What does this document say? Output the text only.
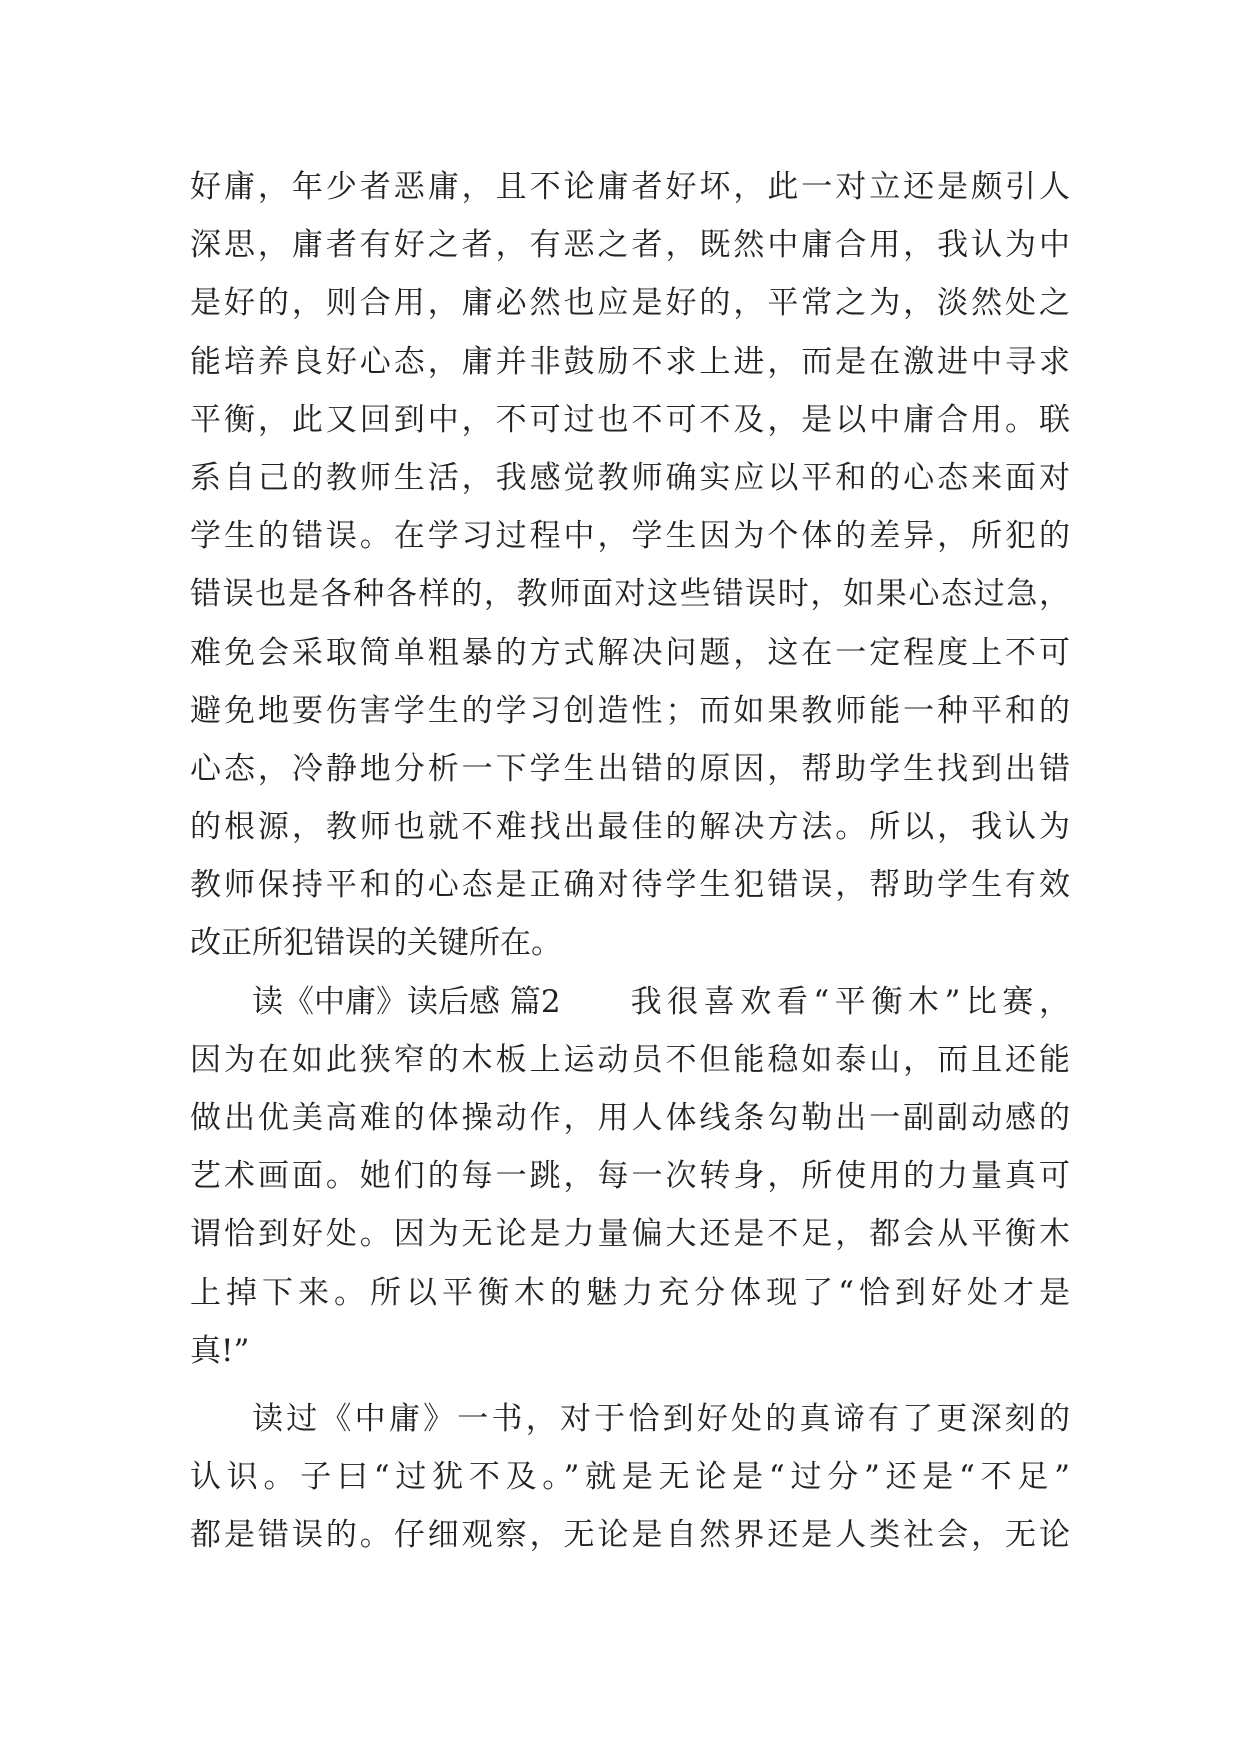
好庸，年少者恶庸，且不论庸者好坏，此一对立还是颇引人
深思，庸者有好之者，有恶之者，既然中庸合用，我认为中
是好的，则合用，庸必然也应是好的，平常之为，淡然处之
能培养良好心态，庸并非鼓励不求上进，而是在激进中寻求
平衡，此又回到中，不可过也不可不及，是以中庸合用。联
系自己的教师生活，我感觉教师确实应以平和的心态来面对
学生的错误。在学习过程中，学生因为个体的差异，所犯的
错误也是各种各样的，教师面对这些错误时，如果心态过急，
难免会采取简单粗暴的方式解决问题，这在一定程度上不可
避免地要伤害学生的学习创造性；而如果教师能一种平和的
心态，冷静地分析一下学生出错的原因，帮助学生找到出错
的根源，教师也就不难找出最佳的解决方法。所以，我认为
教师保持平和的心态是正确对待学生犯错误，帮助学生有效
改正所犯错误的关键所在。
读《中庸》读后感 篇2 我很喜欢看“平衡木”比赛，
因为在如此狭窄的木板上运动员不但能稳如泰山，而且还能
做出优美高难的体操动作，用人体线条勾勒出一副副动感的
艺术画面。她们的每一跳，每一次转身，所使用的力量真可
谓恰到好处。因为无论是力量偏大还是不足，都会从平衡木
上掉下来。所以平衡木的魅力充分体现了“恰到好处才是
真!”
读过《中庸》一书，对于恰到好处的真谛有了更深刻的
认识。子曰“过犹不及。”就是无论是“过分”还是“不足”
都是错误的。仔细观察，无论是自然界还是人类社会，无论
